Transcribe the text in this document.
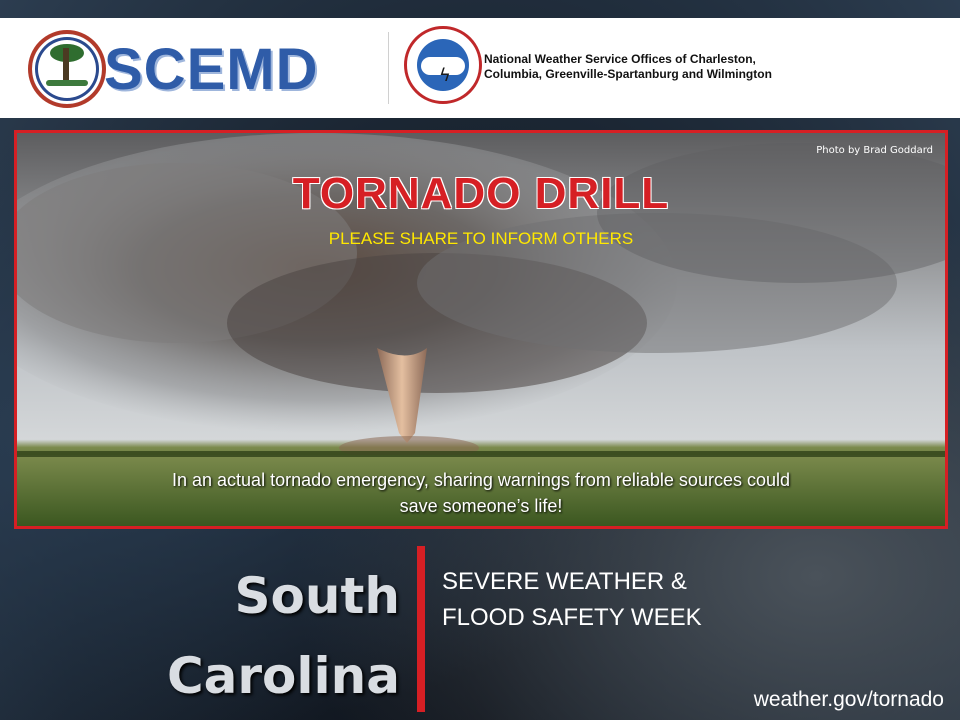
SCEMD	ϟ
National Weather Service Offices of Charleston,
Columbia, Greenville-Spartanburg and Wilmington
Photo by Brad Goddard
TORNADO DRILL
PLEASE SHARE TO INFORM OTHERS
In an actual tornado emergency, sharing warnings from reliable sources could
save someone’s life!
South
Carolina
SEVERE WEATHER &
FLOOD SAFETY WEEK
weather.gov/tornado
